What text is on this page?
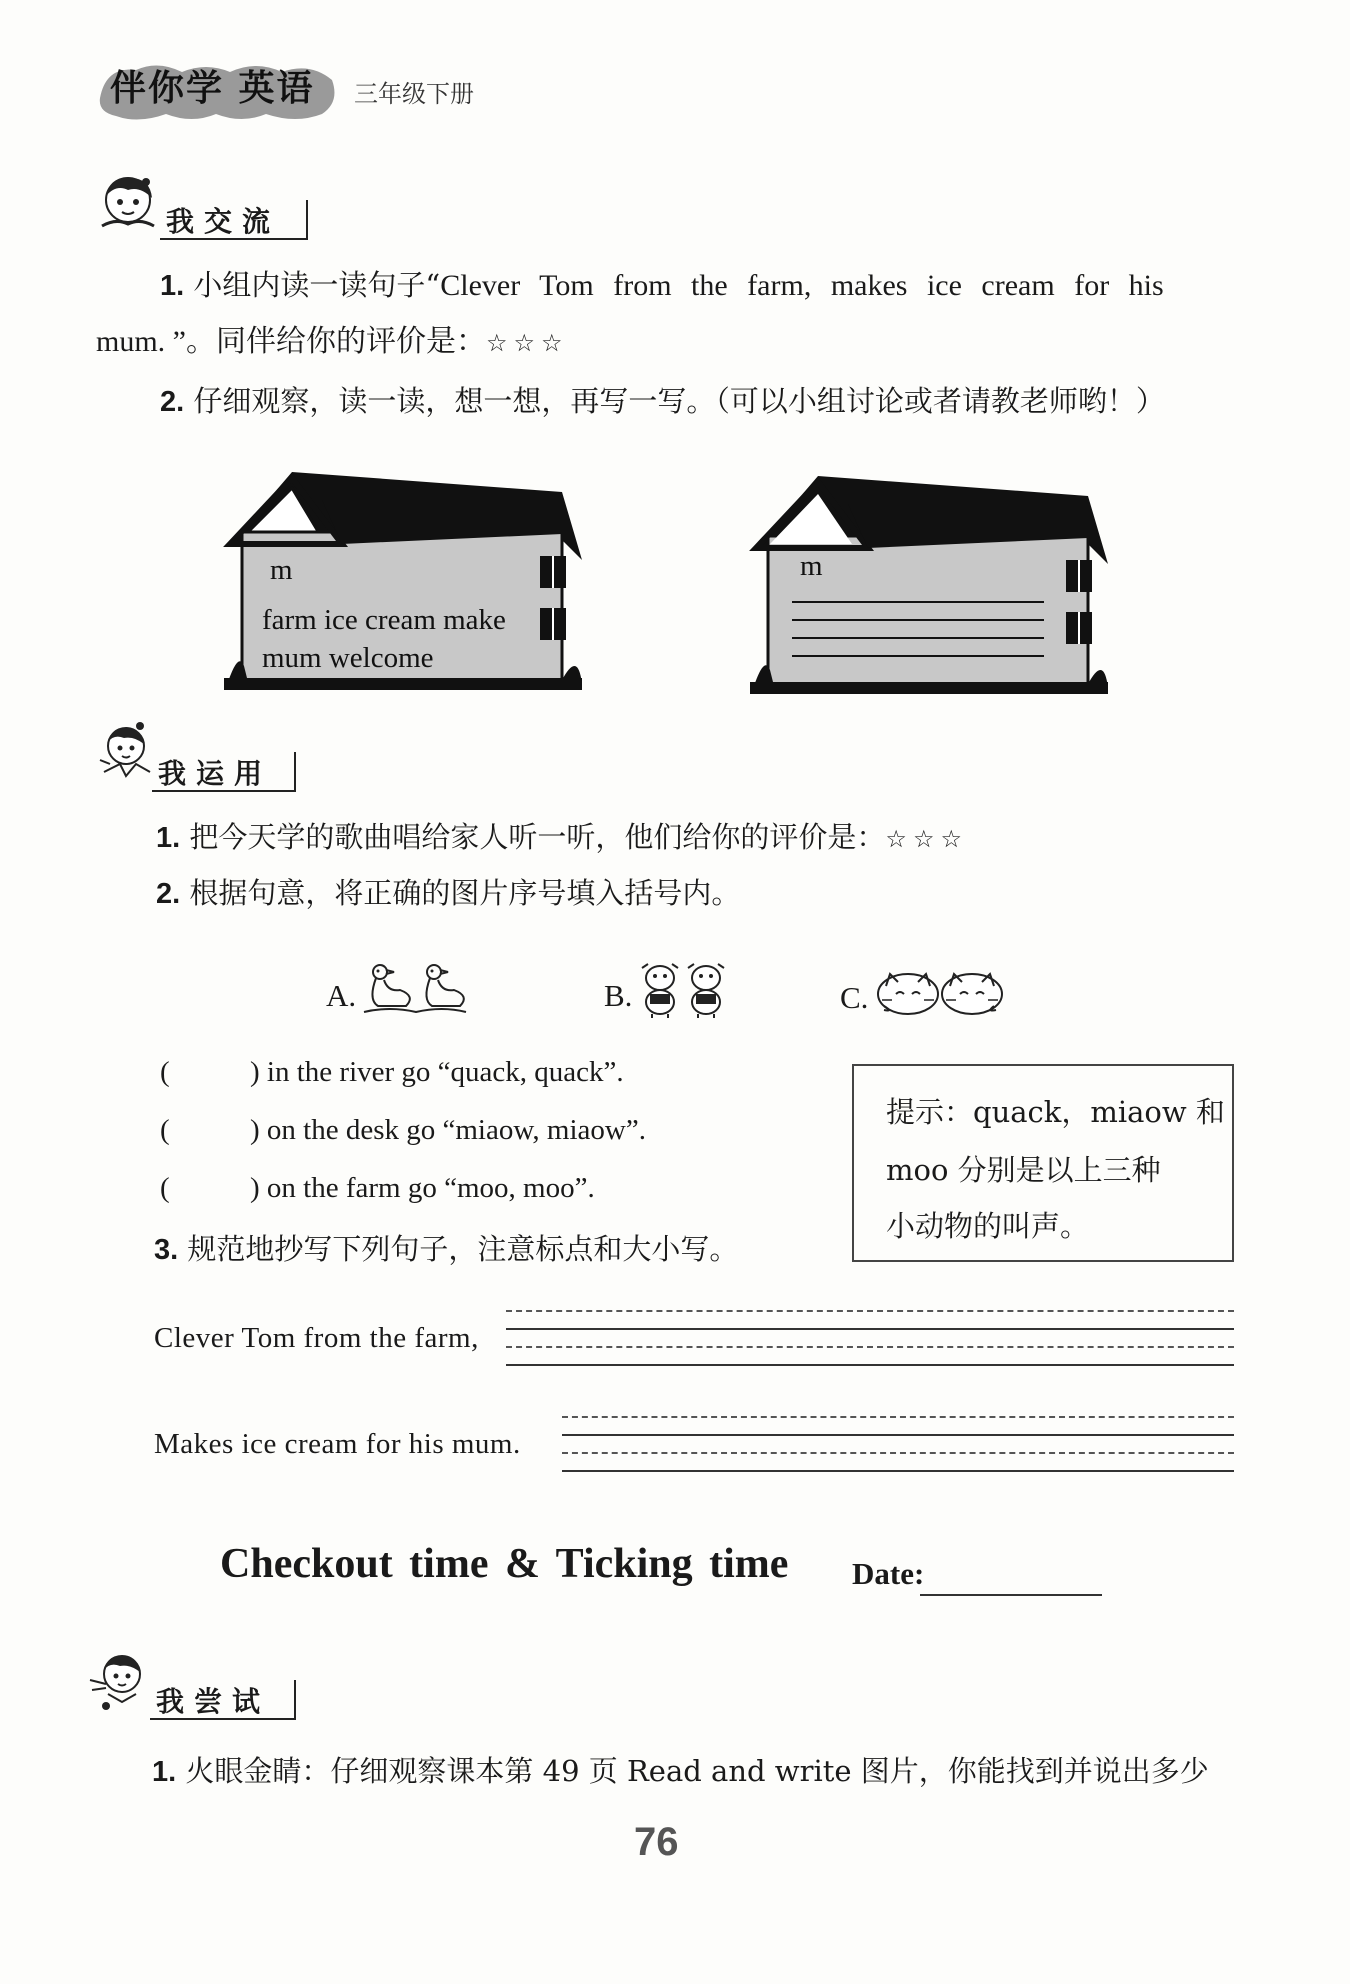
伴你学 英语 三年级下册
我交流
1. 小组内读一读句子“Clever Tom from the farm, makes ice cream for his
mum. ”。同伴给你的评价是：☆☆☆
2. 仔细观察，读一读，想一想，再写一写。（可以小组讨论或者请教老师哟！）
m
farm ice cream make
mum welcome
m
我运用
1. 把今天学的歌曲唱给家人听一听，他们给你的评价是：☆☆☆
2. 根据句意，将正确的图片序号填入括号内。
A.	B.	C.
(	) in the river go “quack, quack”.
(	) on the desk go “miaow, miaow”.
(	) on the farm go “moo, moo”.
提示：quack，miaow 和
moo 分别是以上三种
小动物的叫声。
3. 规范地抄写下列句子，注意标点和大小写。
Clever Tom from the farm,
Makes ice cream for his mum.
Checkout time & Ticking time Date:
我尝试
1. 火眼金睛：仔细观察课本第 49 页 Read and write 图片，你能找到并说出多少
76
